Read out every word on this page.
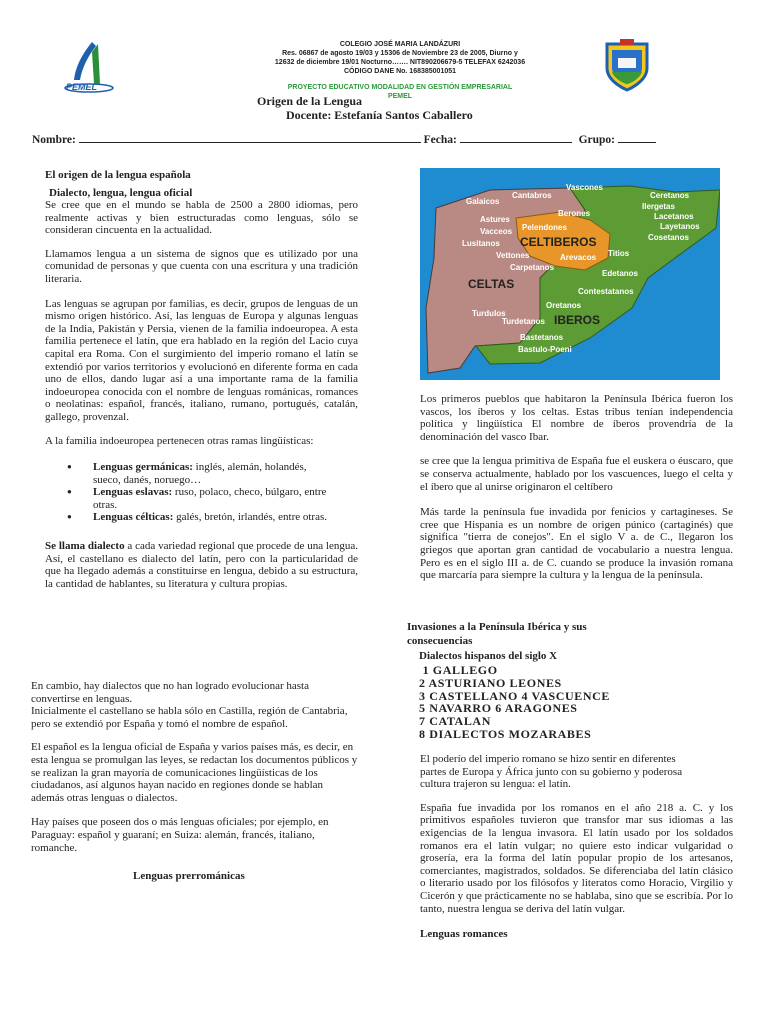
PEMEL
COLEGIO JOSÉ MARIA LANDÁZURI
Res. 06867 de agosto 19/03 y 15306 de Noviembre 23 de 2005, Diurno y
12632 de diciembre 19/01 Nocturno……. NIT890206679-5 TELEFAX 6242036
CÓDIGO DANE No. 168385001051
PROYECTO EDUCATIVO MODALIDAD EN GESTIÓN EMPRESARIAL
PEMEL
Origen de la Lengua
Docente: Estefanía Santos Caballero
Nombre:	Fecha:	Grupo:
El origen de la lengua española
Dialecto, lengua, lengua oficial

Se cree que en el mundo se habla de 2500 a 2800 idiomas, pero realmente activas y bien estructuradas como lenguas, sólo se consideran cincuenta en la actualidad.

Llamamos lengua a un sistema de signos que es utilizado por una comunidad de personas y que cuenta con una escritura y una tradición literaria.

Las lenguas se agrupan por familias, es decir, grupos de lenguas de un mismo origen histórico. Así, las lenguas de Europa y algunas lenguas de la India, Pakistán y Persia, vienen de la familia indoeuropea. A esta familia pertenece el latín, que era hablado en la región del Lacio cuya capital era Roma. Con el surgimiento del imperio romano el latín se extendió por varios territorios y evolucionó en diferente forma en cada uno de ellos, dando lugar así a una importante rama de la familia indoeuropea conocida con el nombre de lenguas románicas, romances o neolatinas: español, francés, italiano, rumano, portugués, catalán, gallego, provenzal.

A la familia indoeuropea pertenecen otras ramas lingüísticas:

● Lenguas germánicas: inglés, alemán, holandés, sueco, danés, noruego…
● Lenguas eslavas: ruso, polaco, checo, búlgaro, entre otras.
● Lenguas célticas: galés, bretón, irlandés, entre otras.

Se llama dialecto a cada variedad regional que procede de una lengua. Así, el castellano es dialecto del latín, pero con la particularidad de que ha llegado además a constituirse en lengua, debido a su estructura, la cantidad de hablantes, su literatura y cultura propias.

En cambio, hay dialectos que no han logrado evolucionar hasta convertirse en lenguas.

Inicialmente el castellano se habla sólo en Castilla, región de Cantabria, pero se extendió por España y tomó el nombre de español.

El español es la lengua oficial de España y varios países más, es decir, en esta lengua se promulgan las leyes, se redactan los documentos públicos y se realizan la gran mayoría de comunicaciones lingüísticas de los ciudadanos, así algunos hayan nacido en regiones donde se hablan además otras lenguas o dialectos.

Hay países que poseen dos o más lenguas oficiales; por ejemplo, en Paraguay: español y guaraní; en Suiza: alemán, francés, italiano, romanche.

Lenguas prerrománicas
Galaicos
Cantabros
Vascones
Ceretanos
Ilergetas
Lacetanos
Layetanos
Cosetanos
Berones
Astures
Vacceos Pelendones
Lusitanos CELTIBEROS
Titios
Arevacos
Vettones
Carpetanos
Edetanos
CELTAS
Contestatanos
Oretanos
Turdulos	IBEROS
Turdetanos
Bastetanos
Bastulo-Poeni

Los primeros pueblos que habitaron la Península Ibérica fueron los vascos, los íberos y los celtas. Estas tribus tenían independencia política y lingüística El nombre de íberos provendría de la denominación del vasco Ibar.

se cree que la lengua primitiva de España fue el euskera o éuscaro, que se conserva actualmente, hablado por los vascuences, luego el celta y el íbero que al unirse originaron el celtíbero

Más tarde la península fue invadida por fenicios y cartagineses. Se cree que Hispania es un nombre de origen púnico (cartaginés) que significa "tierra de conejos". En el siglo V a. de C., llegaron los griegos que aportan gran cantidad de vocabulario a nuestra lengua. Pero es en el siglo III a. de C. cuando se produce la invasión romana que marcaría para siempre la cultura y la lengua de la península.

Invasiones a la Península Ibérica y sus consecuencias
Dialectos hispanos del siglo X
1 GALLEGO
2 ASTURIANO LEONES
3 CASTELLANO 4 VASCUENCE
5 NAVARRO 6 ARAGONES
7 CATALAN
8 DIALECTOS MOZARABES

El poderío del imperio romano se hizo sentir en diferentes partes de Europa y África junto con su gobierno y poderosa cultura trajeron su lengua: el latín.

España fue invadida por los romanos en el año 218 a. C. y los primitivos españoles tuvieron que transfor mar sus idiomas a las exigencias de la lengua invasora. El latín usado por los soldados romanos era el latín vulgar; no quiere esto indicar vulgaridad o grosería, era la forma del latín popular propio de los artesanos, comerciantes, magistrados, soldados. Se diferenciaba del latín clásico o literario usado por los filósofos y literatos como Horacio, Virgilio y Cicerón y que prácticamente no se hablaba, sino que se escribía. Por lo tanto, nuestra lengua se deriva del latín vulgar.

Lenguas romances
